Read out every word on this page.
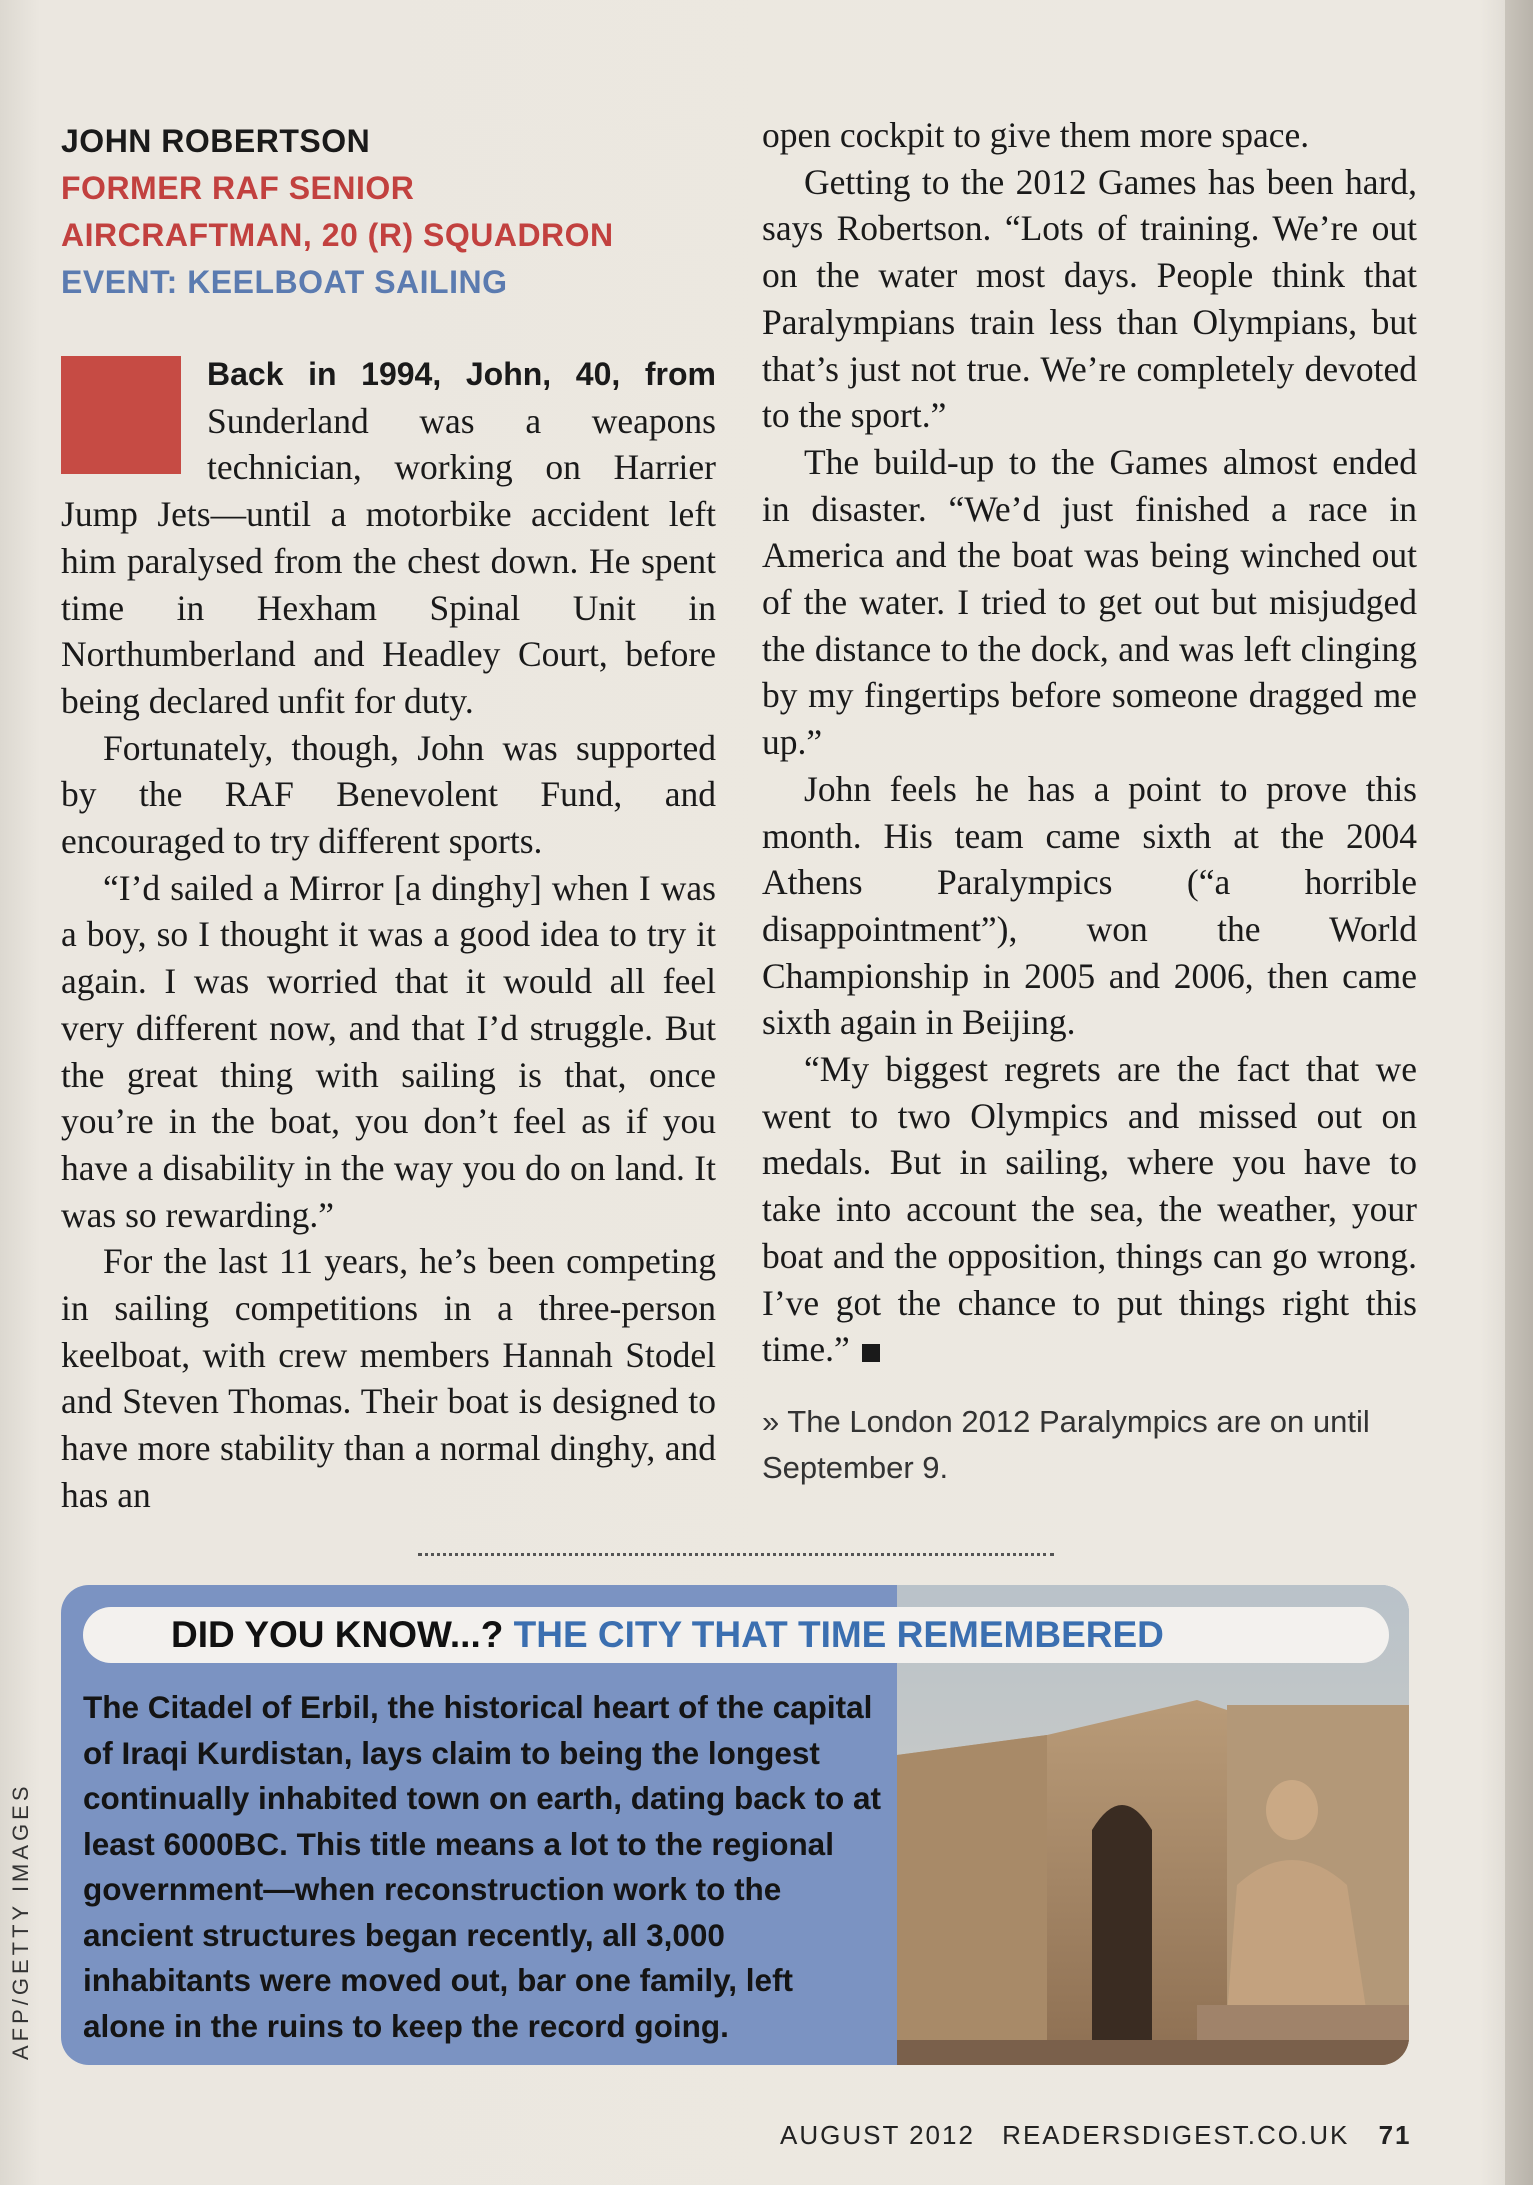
JOHN ROBERTSON
FORMER RAF SENIOR
AIRCRAFTMAN, 20 (R) SQUADRON
EVENT: KEELBOAT SAILING

Back in 1994, John, 40, from Sunderland was a weapons technician, working on Harrier Jump Jets—until a motorbike accident left him paralysed from the chest down. He spent time in Hexham Spinal Unit in Northumberland and Headley Court, before being declared unfit for duty.

Fortunately, though, John was supported by the RAF Benevolent Fund, and encouraged to try different sports.

“I’d sailed a Mirror [a dinghy] when I was a boy, so I thought it was a good idea to try it again. I was worried that it would all feel very different now, and that I’d struggle. But the great thing with sailing is that, once you’re in the boat, you don’t feel as if you have a disability in the way you do on land. It was so rewarding.”

For the last 11 years, he’s been competing in sailing competitions in a three-person keelboat, with crew members Hannah Stodel and Steven Thomas. Their boat is designed to have more stability than a normal dinghy, and has an

open cockpit to give them more space.

Getting to the 2012 Games has been hard, says Robertson. “Lots of training. We’re out on the water most days. People think that Paralympians train less than Olympians, but that’s just not true. We’re completely devoted to the sport.”

The build-up to the Games almost ended in disaster. “We’d just finished a race in America and the boat was being winched out of the water. I tried to get out but misjudged the distance to the dock, and was left clinging by my fingertips before someone dragged me up.”

John feels he has a point to prove this month. His team came sixth at the 2004 Athens Paralympics (“a horrible disappointment”), won the World Championship in 2005 and 2006, then came sixth again in Beijing.

“My biggest regrets are the fact that we went to two Olympics and missed out on medals. But in sailing, where you have to take into account the sea, the weather, your boat and the opposition, things can go wrong. I’ve got the chance to put things right this time.”

» The London 2012 Paralympics are on until September 9.
DID YOU KNOW...? THE CITY THAT TIME REMEMBERED
The Citadel of Erbil, the historical heart of the capital of Iraqi Kurdistan, lays claim to being the longest continually inhabited town on earth, dating back to at least 6000BC. This title means a lot to the regional government—when reconstruction work to the ancient structures began recently, all 3,000 inhabitants were moved out, bar one family, left alone in the ruins to keep the record going.
AFP/GETTY IMAGES
AUGUST 2012 READERSDIGEST.CO.UK 71
